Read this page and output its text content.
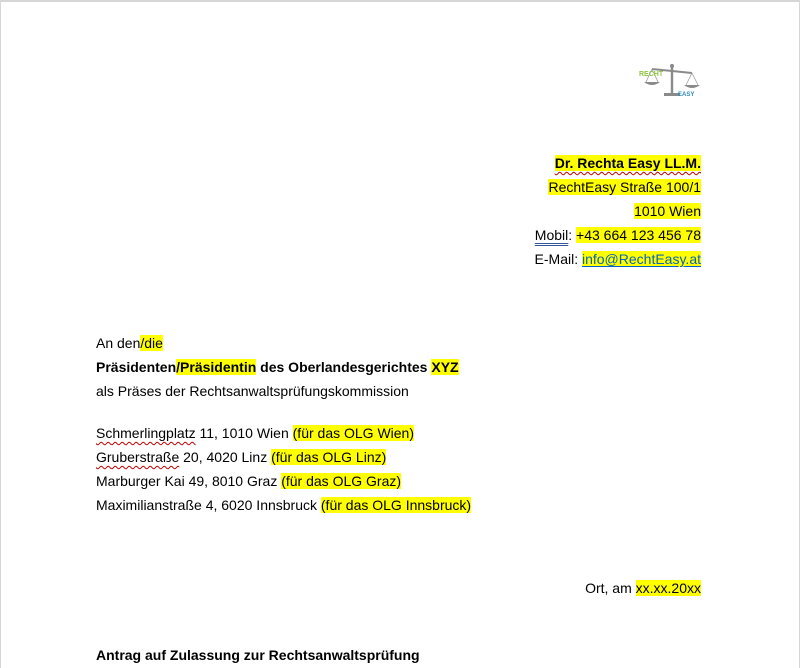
RECHT
EASY
Dr. Rechta Easy LL.M.
RechtEasy Straße 100/1
1010 Wien
Mobil: +43 664 123 456 78
E-Mail: info@RechtEasy.at
An den/die
Präsidenten/Präsidentin des Oberlandesgerichtes XYZ
als Präses der Rechtsanwaltsprüfungskommission
Schmerlingplatz 11, 1010 Wien (für das OLG Wien)
Gruberstraße 20, 4020 Linz (für das OLG Linz)
Marburger Kai 49, 8010 Graz (für das OLG Graz)
Maximilianstraße 4, 6020 Innsbruck (für das OLG Innsbruck)
Ort, am xx.xx.20xx
Antrag auf Zulassung zur Rechtsanwaltsprüfung
